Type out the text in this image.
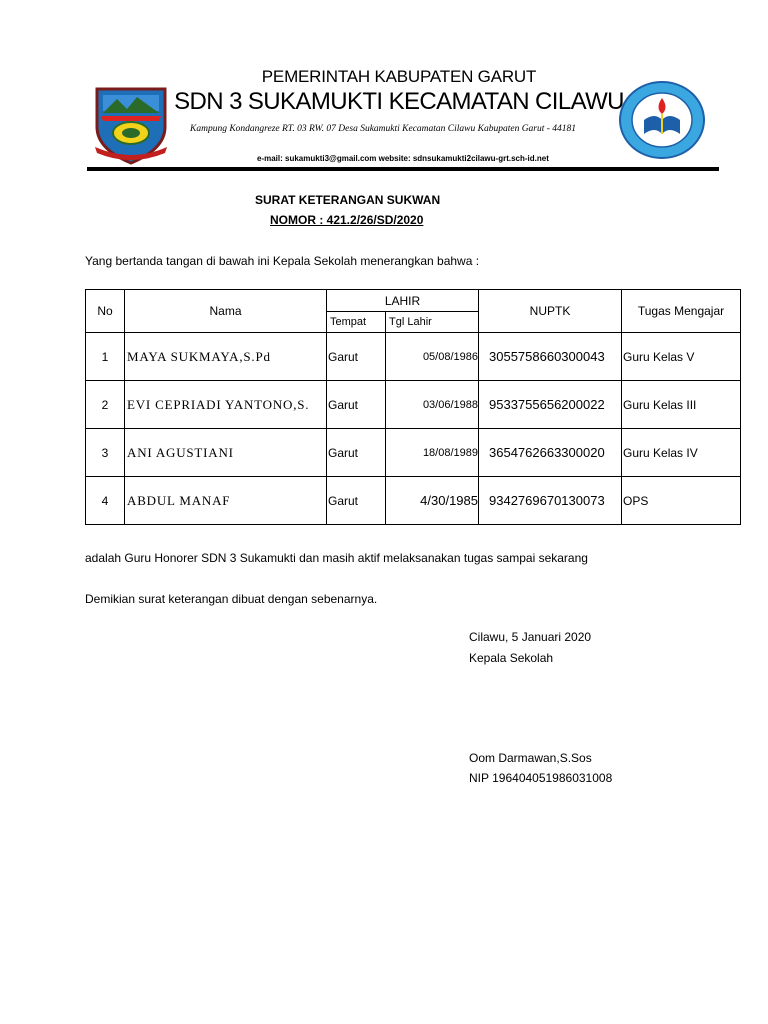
PEMERINTAH KABUPATEN GARUT
SDN 3 SUKAMUKTI KECAMATAN CILAWU
Kampung Kondangreze RT. 03 RW. 07 Desa Sukamukti Kecamatan Cilawu Kabupaten Garut - 44181
e-mail: sukamukti3@gmail.com website: sdnsukamukti2cilawu-grt.sch-id.net
SURAT KETERANGAN SUKWAN
NOMOR : 421.2/26/SD/2020
Yang bertanda tangan di bawah ini Kepala Sekolah menerangkan bahwa :
No	Nama	LAHIR		NUPTK	Tugas Mengajar
		Tempat	Tgl Lahir		
1	MAYA SUKMAYA,S.Pd	Garut	05/08/1986	3055758660300043	Guru Kelas V
2	EVI CEPRIADI YANTONO,S.	Garut	03/06/1988	9533755656200022	Guru Kelas III
3	ANI AGUSTIANI	Garut	18/08/1989	3654762663300020	Guru Kelas IV
4	ABDUL MANAF	Garut	4/30/1985	9342769670130073	OPS
adalah Guru Honorer SDN 3 Sukamukti dan masih aktif melaksanakan tugas sampai sekarang
Demikian surat keterangan dibuat dengan sebenarnya.
Cilawu, 5 Januari 2020
Kepala Sekolah
Oom Darmawan,S.Sos
NIP 196404051986031008
